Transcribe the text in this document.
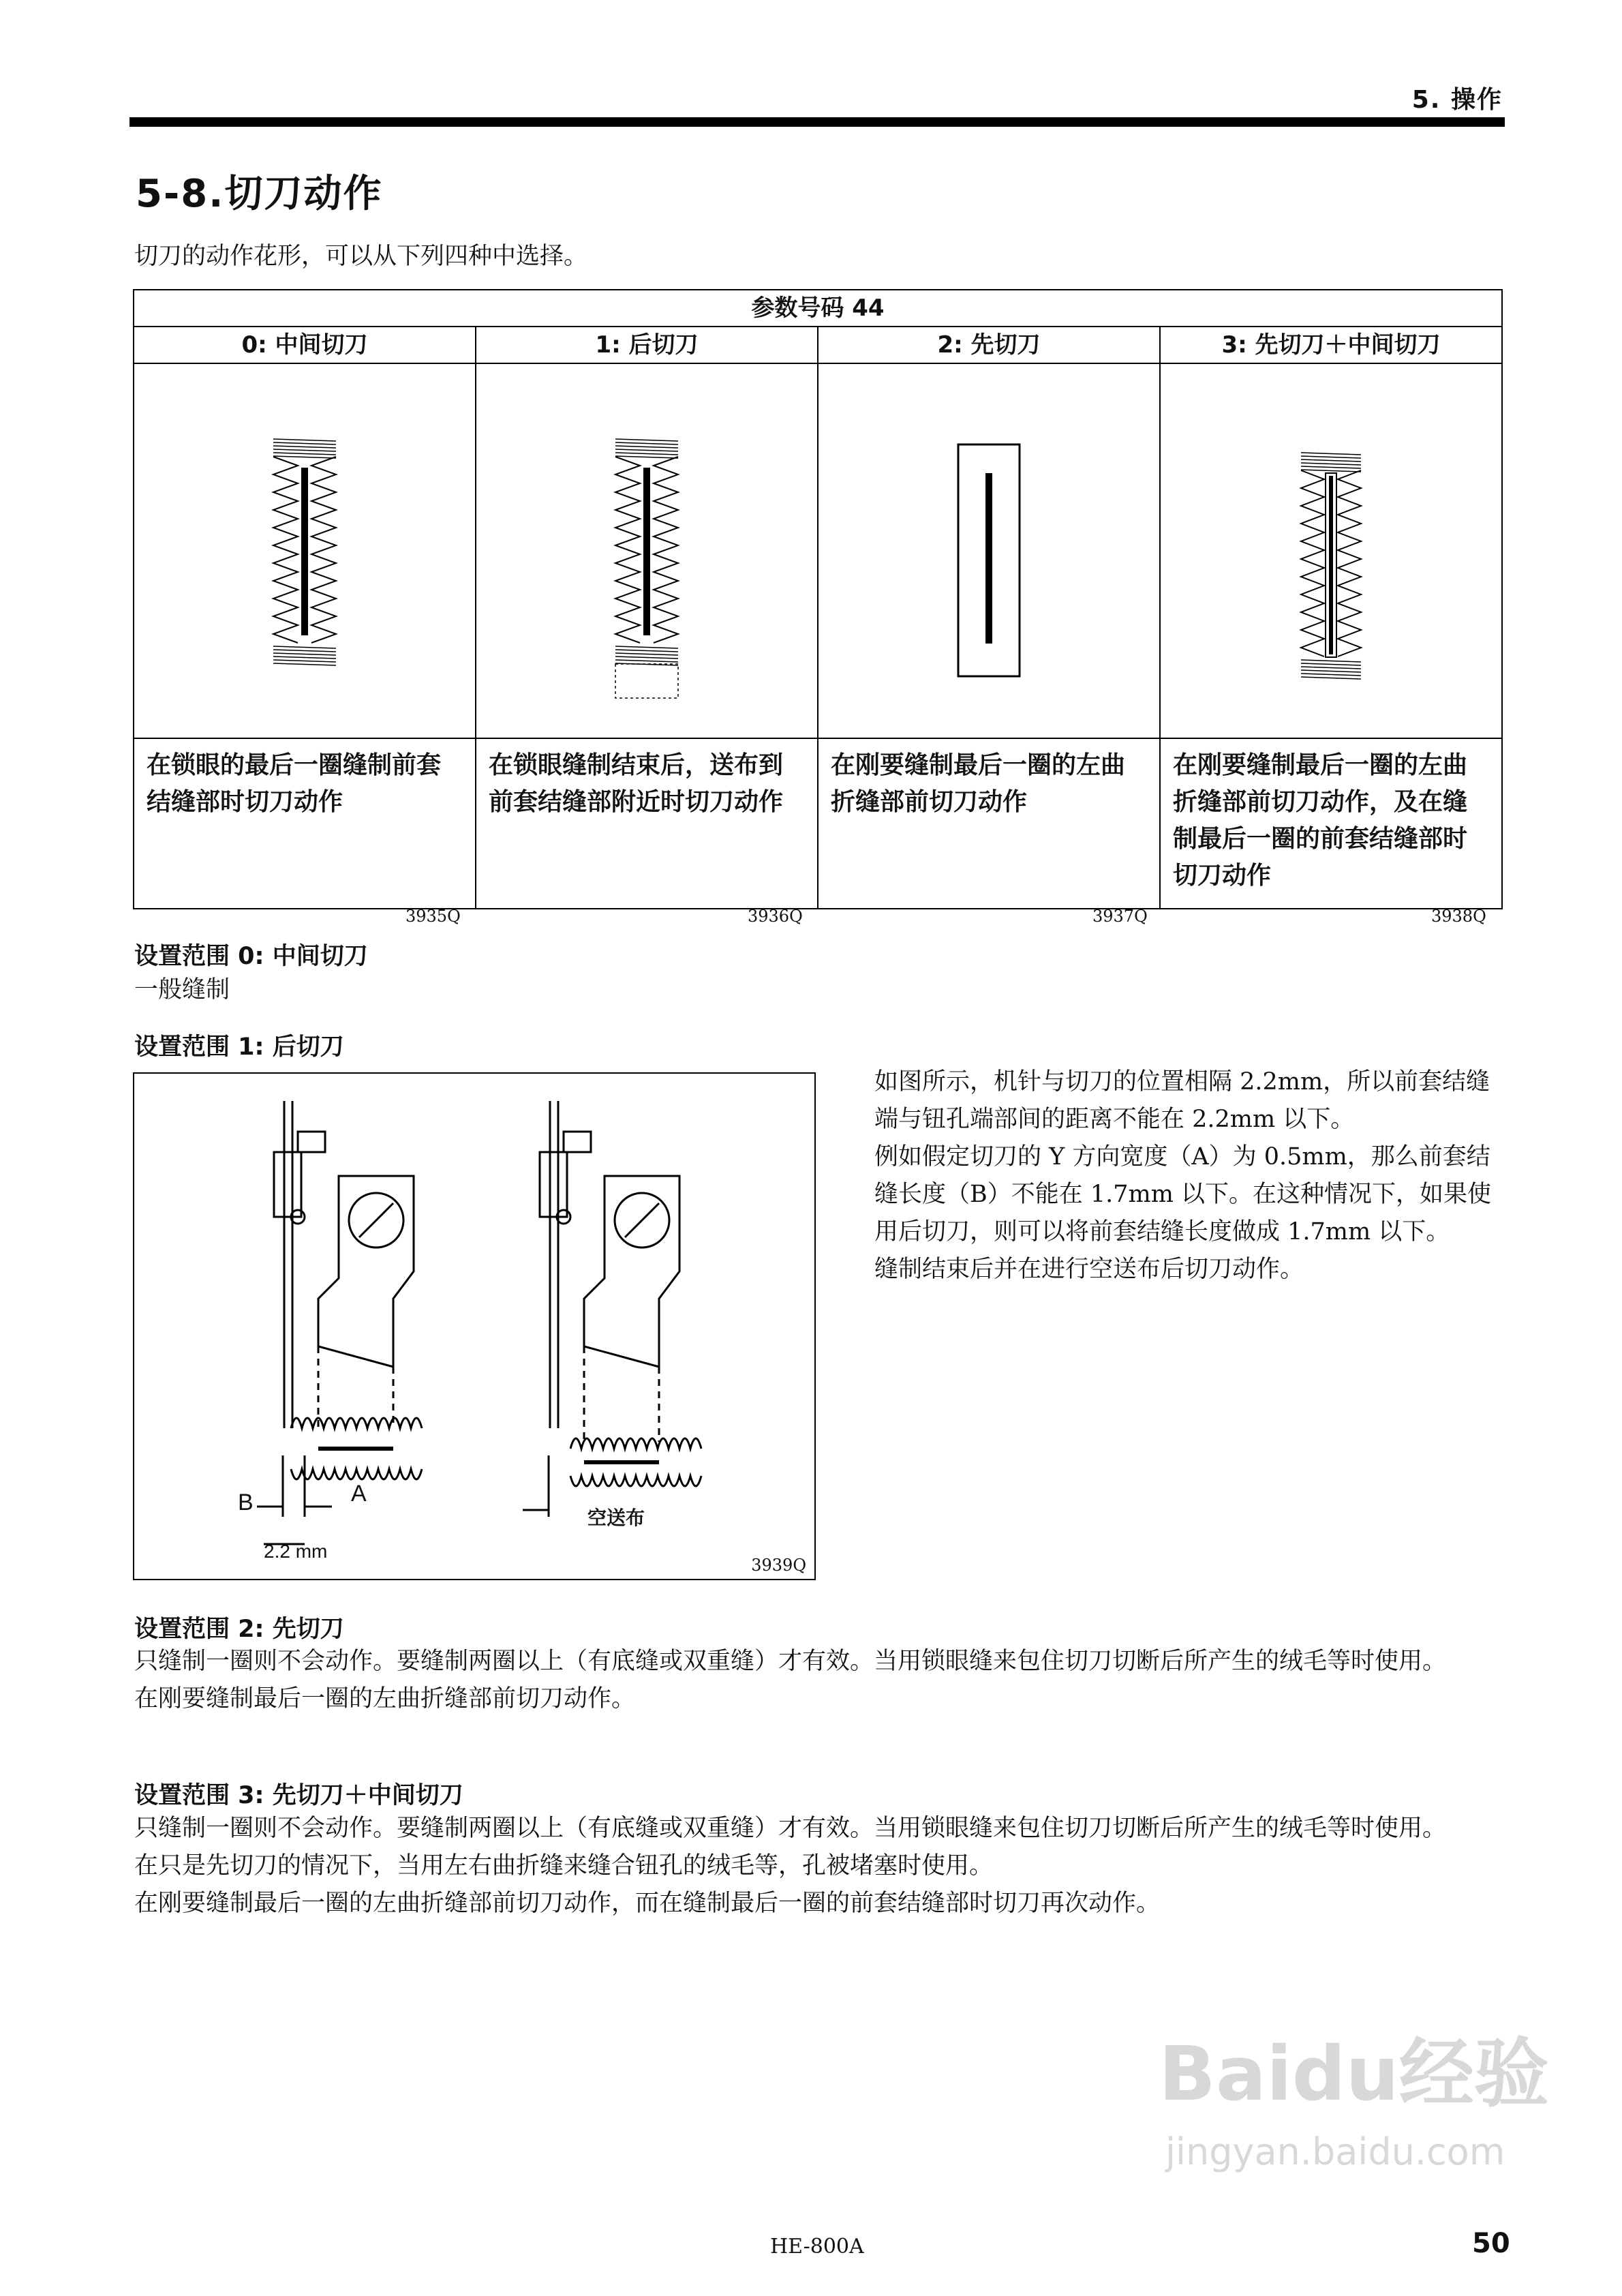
5. 操作
5-8.切刀动作
切刀的动作花形，可以从下列四种中选择。
参数号码 44			
0: 中间切刀	1: 后切刀	2: 先切刀	3: 先切刀＋中间切刀

在锁眼的最后一圈缝制前套结缝部时切刀动作	在锁眼缝制结束后，送布到前套结缝部附近时切刀动作	在刚要缝制最后一圈的左曲折缝部前切刀动作	在刚要缝制最后一圈的左曲折缝部前切刀动作，及在缝制最后一圈的前套结缝部时切刀动作
3935Q	3936Q	3937Q	3938Q
设置范围 0: 中间切刀
一般缝制
设置范围 1: 后切刀
B	A
2.2 mm
空送布
3939Q
如图所示，机针与切刀的位置相隔 2.2mm，所以前套结缝端与钮孔端部间的距离不能在 2.2mm 以下。
例如假定切刀的 Y 方向宽度（A）为 0.5mm，那么前套结缝长度（B）不能在 1.7mm 以下。在这种情况下，如果使用后切刀，则可以将前套结缝长度做成 1.7mm 以下。
缝制结束后并在进行空送布后切刀动作。
设置范围 2: 先切刀
只缝制一圈则不会动作。要缝制两圈以上（有底缝或双重缝）才有效。当用锁眼缝来包住切刀切断后所产生的绒毛等时使用。
在刚要缝制最后一圈的左曲折缝部前切刀动作。
设置范围 3: 先切刀＋中间切刀
只缝制一圈则不会动作。要缝制两圈以上（有底缝或双重缝）才有效。当用锁眼缝来包住切刀切断后所产生的绒毛等时使用。
在只是先切刀的情况下，当用左右曲折缝来缝合钮孔的绒毛等，孔被堵塞时使用。
在刚要缝制最后一圈的左曲折缝部前切刀动作，而在缝制最后一圈的前套结缝部时切刀再次动作。
Baidu经验
jingyan.baidu.com
HE-800A	50
